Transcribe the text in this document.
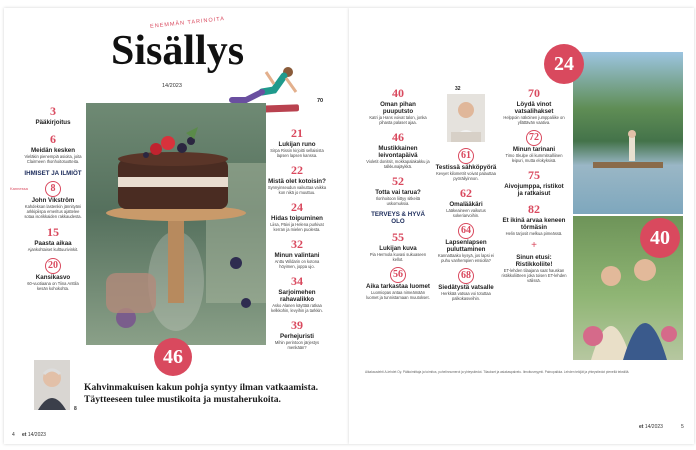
ENEMMÄN TARINOITA
Sisällys
14/2023
70
3
Pääkirjoitus
6
Meidän kesken
Vieläkin pienempiä asioita, joita Clairmeen Ihonhoitotuotteita.
IHMISET JA ILMIÖT
Kannessa	8
John Vikström
Kahdeksan lastenkin jännityäni arkkipiispa emeritus ajattelee sotaa isorikkaiden rakkaudesta.
15
Paasta aikaa
Ajankohtaiset kulttuurivinkit.
20
Kansikasvo
60-vuotiaana on Tiina Anttila kesän kohokohta.
46
21
Lukijan runo
Sirpa Rissin kirjoitti sellaisista lapsen lapsen kanssa.
22
Mistä olet kotoisin?
Synnyinseudun vaikuttaa vaikka kon nikä jo muuttuu.
24
Hidas toipuminen
Liisa, Päivi ja Helena purkivat kerran ja mielen puolesta.
32
Minun valintani
Anttu Wildarin on kotona höyimen, joppa ujo.
34
Sarjoimehen rahavalikko
Asko Alanen käyttää ratkaa kelkkohin, levyihin ja tarkkin.
39
Perhejuristi
Mihin perintoon järjestys menkään?
8
Kahvinmakuisen kakun pohja syntyy ilman vatkaamista. Täytteeseen tulee mustikoita ja mustaherukoita.
4 et 14/2023
40
Oman pihan puuputsto
Katri ja Hans voivat talon, jonka pihasta palaset ajaa.
46
Mustikkainen leivontapäivä
Violetit donitsit, mokkapalakakku ja talkkunajäykkä.
52
Totta vai tarua?
Ilonhoitoon liittyy sitkeitä uskomuksia.
TERVEYS & HYVÄ OLO
55
Lukijan kuva
Pia Hermola kuvasi sukuaseen kellot.
56
Aika tarkastaa luomet
Luomiopas antaa nimeämään luomet ja tunnistamaan muutokset.
32
61
Testissä sähköpyörä
Kevyet kilometrit voivat palauttaa pyöräilyinnon.
62
Omalääkäri
Lääkeaineen vaikutus sokeriarvoihin.
64
Lapsenlapsen puluttaminen
Kannattaako kysyä, jos lapsi ei puhu vanhempien ensiolla?
68
Siedätystä vatsalle
Herkkää vatsaa voi totuttaa palkokasveihin.
70
Löydä vinot vatsalihakset
Helppoin näköinen jumppaliike on yllättävän vaativa.
72
Minun tarinani
Timo Skulpe oli kummitsalliinen leipuri, mutta elokyksisä.
75
Aivojumppa, ristikot ja ratkaisut
82
Et ikinä arvaa keneen törmäsin
Helin tarjosit melkua pimeässä.
+
Sinun etusi: Ristikkoliite!
ET-lehden tilaajana saat hauskan ristikkoliitteen joka toisen ET-lehden välissä.
24
40
Aikakauslehti A-lehdet Oy. Päätoimittaja ja toimitus, puhelinnumerot ja yhteystiedot. Tilaukset ja asiakaspalvelu. Ilmoitusmyynti. Painopaikka. Lehden tekijät ja yhteystiedot pienellä tekstillä.
et 14/2023	5
